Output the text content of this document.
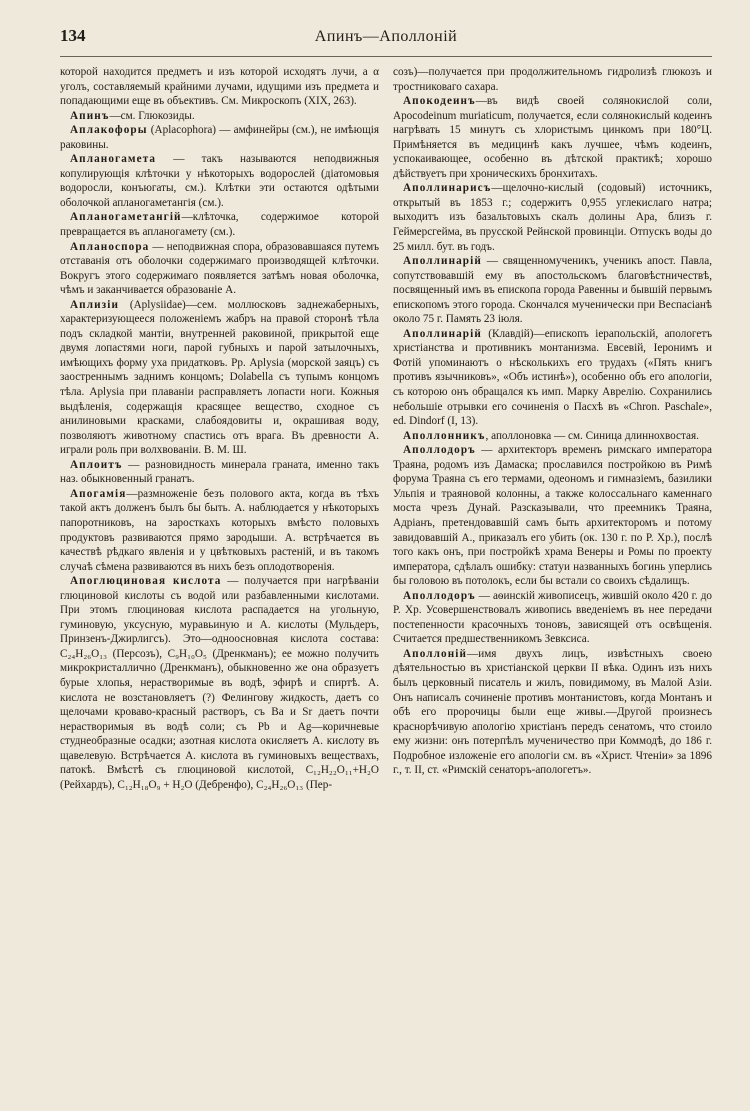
134	Апинъ—Аполлонiй

которой находится предметъ и изъ которой исходятъ лучи, а α уголъ, составляемый крайними лучами, идущими изъ предмета и попадающими еще въ объективъ. См. Микроскопъ (XIX, 263).

Апинъ—см. Глюкозиды.

Аплакофоры (Aplacophora) — амфинейры (см.), не имѣющія раковины.

Апланогамета — такъ называются неподвижныя копулирующія клѣточки у нѣкоторыхъ водорослей (діатомовыя водоросли, конъюгаты, см.). Клѣтки эти остаются одѣтыми оболочкой апланогаметангія (см.).

Апланогаметангій—клѣточка, содержимое которой превращается въ апланогамету (см.).

Апланоспора — неподвижная спора, образовавшаяся путемъ отставанія отъ оболочки содержимаго производящей клѣточки. Вокругъ этого содержимаго появляется затѣмъ новая оболочка, чѣмъ и заканчивается образованіе А.

Аплизіи (Aplysiidae)—сем. моллюсковъ заднежаберныхъ, характеризующееся положеніемъ жабръ на правой сторонѣ тѣла подъ складкой мантіи, внутренней раковиной, прикрытой еще двумя лопастями ноги, парой губныхъ и парой затылочныхъ, имѣющихъ форму уха придатковъ. Рр. Aplysia (морской заяцъ) съ заостреннымъ заднимъ концомъ; Dolabella съ тупымъ концомъ тѣла. Aplysia при плаваніи расправляетъ лопасти ноги. Кожныя выдѣленія, содержащія красящее вещество, сходное съ анилиновыми красками, слабоядовиты и, окрашивая воду, позволяютъ животному спастись отъ врага. Въ древности А. играли роль при волхвованіи. В. М. Ш.

Аплоитъ — разновидность минерала граната, именно такъ наз. обыкновенный гранатъ.

Апогамія—размноженіе безъ полового акта, когда въ тѣхъ такой актъ долженъ былъ бы быть. А. наблюдается у нѣкоторыхъ папоротниковъ, на заросткахъ которыхъ вмѣсто половыхъ продуктовъ развиваются прямо зародыши. А. встрѣчается въ качествѣ рѣдкаго явленія и у цвѣтковыхъ растеній, и въ такомъ случаѣ сѣмена развиваются въ нихъ безъ оплодотворенія.

Апоглюциновая кислота — получается при нагрѣваніи глюциновой кислоты съ водой или разбавленными кислотами. При этомъ глюциновая кислота распадается на угольную, гуминовую, уксусную, муравьиную и А. кислоты (Мульдеръ, Принзенъ-Джирлигсъ). Это—одноосновная кислота состава: C₂₄H₂₆O₁₃ (Персозъ), C₉H₁₀O₅ (Дренкманъ); ее можно получить микрокристаллично (Дренкманъ), обыкновенно же она образуетъ бурые хлопья, нерастворимые въ водѣ, эфирѣ и спиртѣ. А. кислота не возстановляетъ (?) Фелингову жидкость, даетъ со щелочами кроваво-красный растворъ, съ Ba и Sr даетъ почти нерастворимыя въ водѣ соли; съ Pb и Ag—коричневые студнеобразные осадки; азотная кислота окисляетъ А. кислоту въ щавелевую. Встрѣчается А. кислота въ гуминовыхъ веществахъ, патокѣ. Вмѣстѣ съ глюциновой кислотой, C₁₂H₂₂O₁₁+H₂O (Рейхардъ), C₁₂H₁₈O₉ + H₂O (Дебренфо), C₂₄H₂₆O₁₃ (Пер-

созъ)—получается при продолжительномъ гидролизѣ глюкозъ и тростниковаго сахара.

Апокодеинъ—въ видѣ своей солянокислой соли, Apocodeinum muriaticum, получается, если солянокислый кодеинъ нагрѣвать 15 минутъ съ хлористымъ цинкомъ при 180°Ц. Примѣняется въ медицинѣ какъ лучшее, чѣмъ кодеинъ, успокаивающее, особенно въ дѣтской практикѣ; хорошо дѣйствуетъ при хроническихъ бронхитахъ.

Аполлинарисъ—щелочно-кислый (содовый) источникъ, открытый въ 1853 г.; содержитъ 0,955 углекислаго натра; выходитъ изъ базальтовыхъ скалъ долины Ара, близъ г. Геймерсгейма, въ прусской Рейнской провинціи. Отпускъ воды до 25 милл. бут. въ годъ.

Аполлинарій — священномученикъ, ученикъ апост. Павла, сопутствовавшій ему въ апостольскомъ благовѣстничествѣ, посвященный имъ въ епископа города Равенны и бывшій первымъ епископомъ этого города. Скончался мученически при Веспасіанѣ около 75 г. Память 23 іюля.

Аполлинарій (Клавдій)—епископъ іерапольскій, апологетъ христіанства и противникъ монтанизма. Евсевій, Іеронимъ и Фотій упоминаютъ о нѣсколькихъ его трудахъ («Пять книгъ противъ язычниковъ», «Объ истинѣ»), особенно объ его апологіи, съ которою онъ обращался къ имп. Марку Аврелію. Сохранились небольшіе отрывки его сочиненія о Пасхѣ въ «Chron. Paschale», ed. Dindorf (I, 13).

Аполлонникъ, аполлоновка — см. Синица длиннохвостая.

Аполлодоръ — архитекторъ временъ римскаго императора Траяна, родомъ изъ Дамаска; прославился постройкою въ Римѣ форума Траяна съ его термами, одеономъ и гимназіемъ, базилики Ульпія и траяновой колонны, а также колоссальнаго каменнаго моста чрезъ Дунай. Разсказывали, что преемникъ Траяна, Адріанъ, претендовавшій самъ быть архитекторомъ и потому завидовавшій А., приказалъ его убить (ок. 130 г. по Р. Хр.), послѣ того какъ онъ, при постройкѣ храма Венеры и Ромы по проекту императора, сдѣлалъ ошибку: статуи названныхъ богинь уперлись бы головою въ потолокъ, если бы встали со своихъ сѣдалищъ.

Аполлодоръ — аѳинскій живописецъ, жившій около 420 г. до Р. Хр. Усовершенствовалъ живопись введеніемъ въ нее передачи постепенности красочныхъ тоновъ, зависящей отъ освѣщенія. Считается предшественникомъ Зевксиса.

Аполлоній—имя двухъ лицъ, извѣстныхъ своею дѣятельностью въ христіанской церкви II вѣка. Одинъ изъ нихъ былъ церковный писатель и жилъ, повидимому, въ Малой Азіи. Онъ написалъ сочиненіе противъ монтанистовъ, когда Монтанъ и обѣ его пророчицы были еще живы.—Другой произнесъ краснорѣчивую апологію христіанъ передъ сенатомъ, что стоило ему жизни: онъ потерпѣлъ мученичество при Коммодѣ, до 186 г. Подробное изложеніе его апологіи см. въ «Христ. Чтеніи» за 1896 г., т. II, ст. «Римскій сенаторъ-апологетъ».
